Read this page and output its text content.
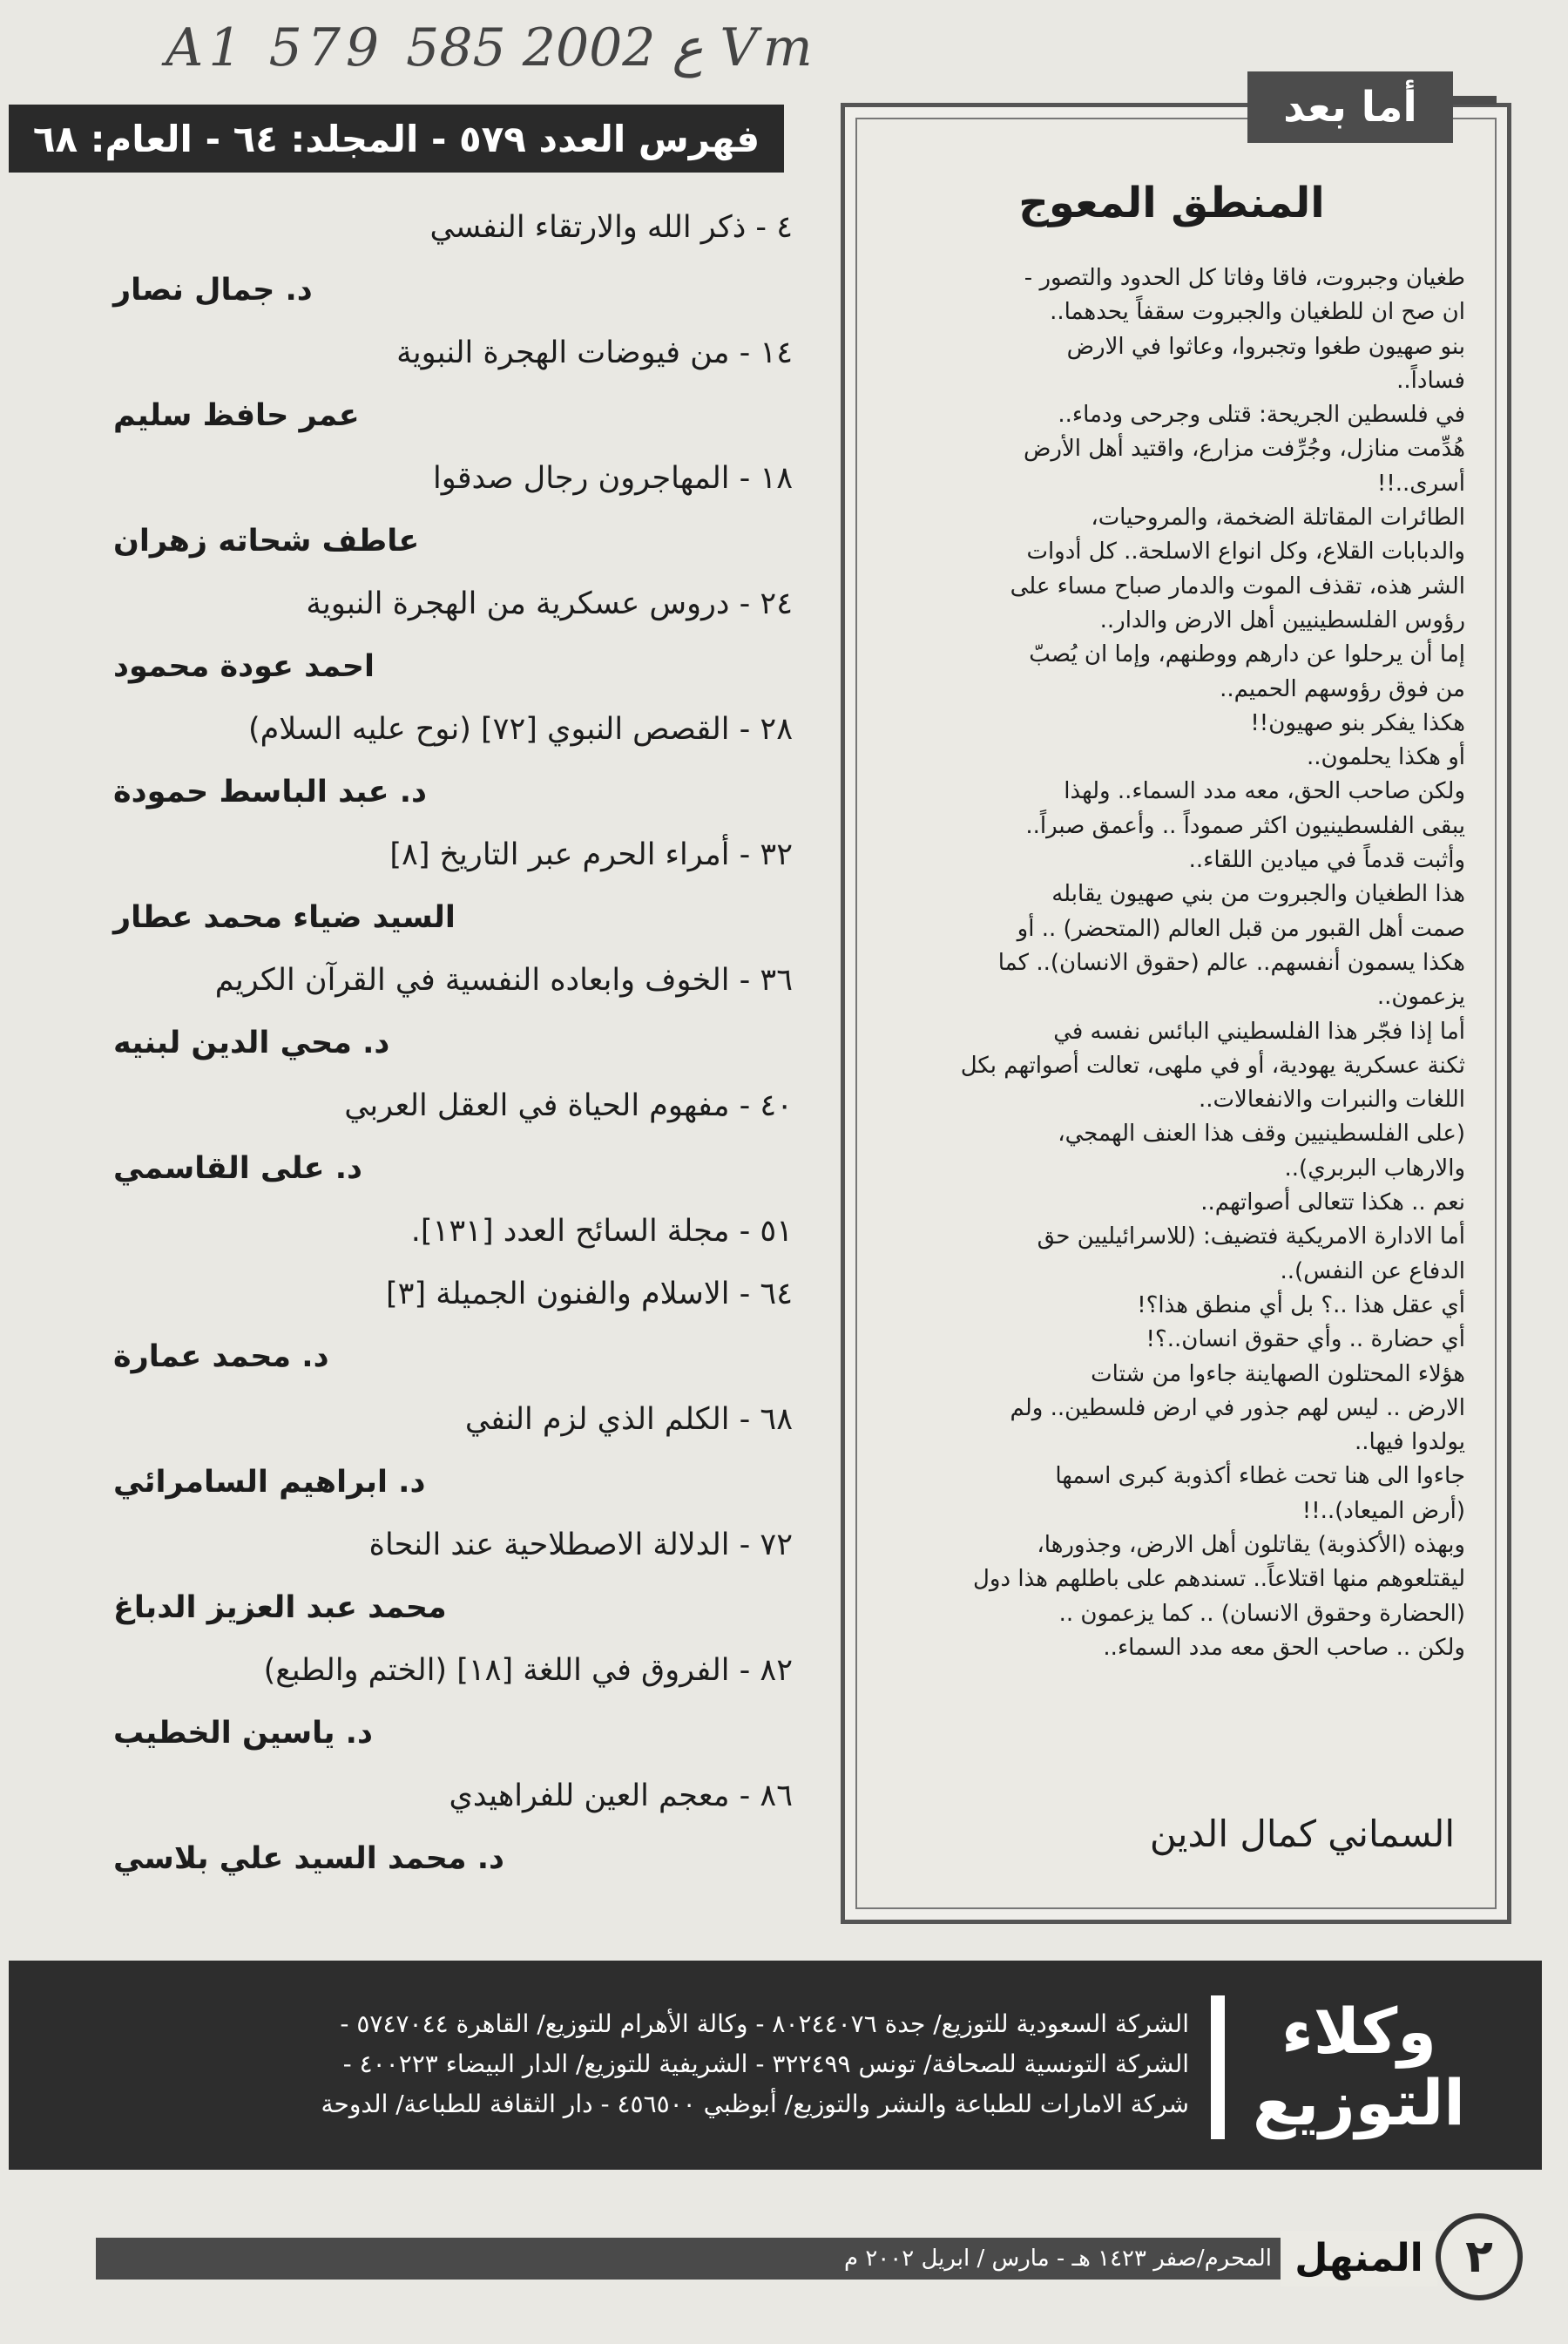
A1 579 ع 2002 585 Vm
فهرس العدد ٥٧٩ - المجلد: ٦٤ - العام: ٦٨
٤ - ذكر الله والارتقاء النفسي
د. جمال نصار
١٤ - من فيوضات الهجرة النبوية
عمر حافظ سليم
١٨ - المهاجرون رجال صدقوا
عاطف شحاته زهران
٢٤ - دروس عسكرية من الهجرة النبوية
احمد عودة محمود
٢٨ - القصص النبوي [٧٢] (نوح عليه السلام)
د. عبد الباسط حمودة
٣٢ - أمراء الحرم عبر التاريخ [٨]
السيد ضياء محمد عطار
٣٦ - الخوف وابعاده النفسية في القرآن الكريم
د. محي الدين لبنيه
٤٠ - مفهوم الحياة في العقل العربي
د. على القاسمي
٥١ - مجلة السائح العدد [١٣١].
٦٤ - الاسلام والفنون الجميلة [٣]
د. محمد عمارة
٦٨ - الكلم الذي لزم النفي
د. ابراهيم السامرائي
٧٢ - الدلالة الاصطلاحية عند النحاة
محمد عبد العزيز الدباغ
٨٢ - الفروق في اللغة [١٨] (الختم والطبع)
د. ياسين الخطيب
٨٦ - معجم العين للفراهيدي
د. محمد السيد علي بلاسي
أما بعد
المنطق المعوج
طغيان وجبروت، فاقا وفاتا كل الحدود والتصور -
ان صح ان للطغيان والجبروت سقفاً يحدهما..
بنو صهيون طغوا وتجبروا، وعاثوا في الارض
فساداً..
في فلسطين الجريحة: قتلى وجرحى ودماء..
هُدِّمت منازل، وجُرِّفت مزارع، واقتيد أهل الأرض
أسرى..!!
الطائرات المقاتلة الضخمة، والمروحيات،
والدبابات القلاع، وكل انواع الاسلحة.. كل أدوات
الشر هذه، تقذف الموت والدمار صباح مساء على
رؤوس الفلسطينيين أهل الارض والدار..
إما أن يرحلوا عن دارهم ووطنهم، وإما ان يُصبّ
من فوق رؤوسهم الحميم..
هكذا يفكر بنو صهيون!!
أو هكذا يحلمون..
ولكن صاحب الحق، معه مدد السماء.. ولهذا
يبقى الفلسطينيون اكثر صموداً .. وأعمق صبراً..
وأثبت قدماً في ميادين اللقاء..
هذا الطغيان والجبروت من بني صهيون يقابله
صمت أهل القبور من قبل العالم (المتحضر) .. أو
هكذا يسمون أنفسهم.. عالم (حقوق الانسان).. كما
يزعمون..
أما إذا فجّر هذا الفلسطيني البائس نفسه في
ثكنة عسكرية يهودية، أو في ملهى، تعالت أصواتهم بكل
اللغات والنبرات والانفعالات..
(على الفلسطينيين وقف هذا العنف الهمجي،
والارهاب البربري)..
نعم .. هكذا تتعالى أصواتهم..
أما الادارة الامريكية فتضيف: (للاسرائيليين حق
الدفاع عن النفس)..
أي عقل هذا ..؟ بل أي منطق هذا؟!
أي حضارة .. وأي حقوق انسان..؟!
هؤلاء المحتلون الصهاينة جاءوا من شتات
الارض .. ليس لهم جذور في ارض فلسطين.. ولم
يولدوا فيها..
جاءوا الى هنا تحت غطاء أكذوبة كبرى اسمها
(أرض الميعاد)..!!
وبهذه (الأكذوبة) يقاتلون أهل الارض، وجذورها،
ليقتلعوهم منها اقتلاعاً.. تسندهم على باطلهم هذا دول
(الحضارة وحقوق الانسان) .. كما يزعمون ..
ولكن .. صاحب الحق معه مدد السماء..
السماني كمال الدين
وكلاء
التوزيع
الشركة السعودية للتوزيع/ جدة ٨٠٢٤٤٠٧٦ - وكالة الأهرام للتوزيع/ القاهرة ٥٧٤٧٠٤٤ -
الشركة التونسية للصحافة/ تونس ٣٢٢٤٩٩ - الشريفية للتوزيع/ الدار البيضاء ٤٠٠٢٢٣ -
شركة الامارات للطباعة والنشر والتوزيع/ أبوظبي ٤٥٦٥٠٠ - دار الثقافة للطباعة/ الدوحة
المحرم/صفر ١٤٢٣ هـ - مارس / ابريل ٢٠٠٢ م المنهل ٢
